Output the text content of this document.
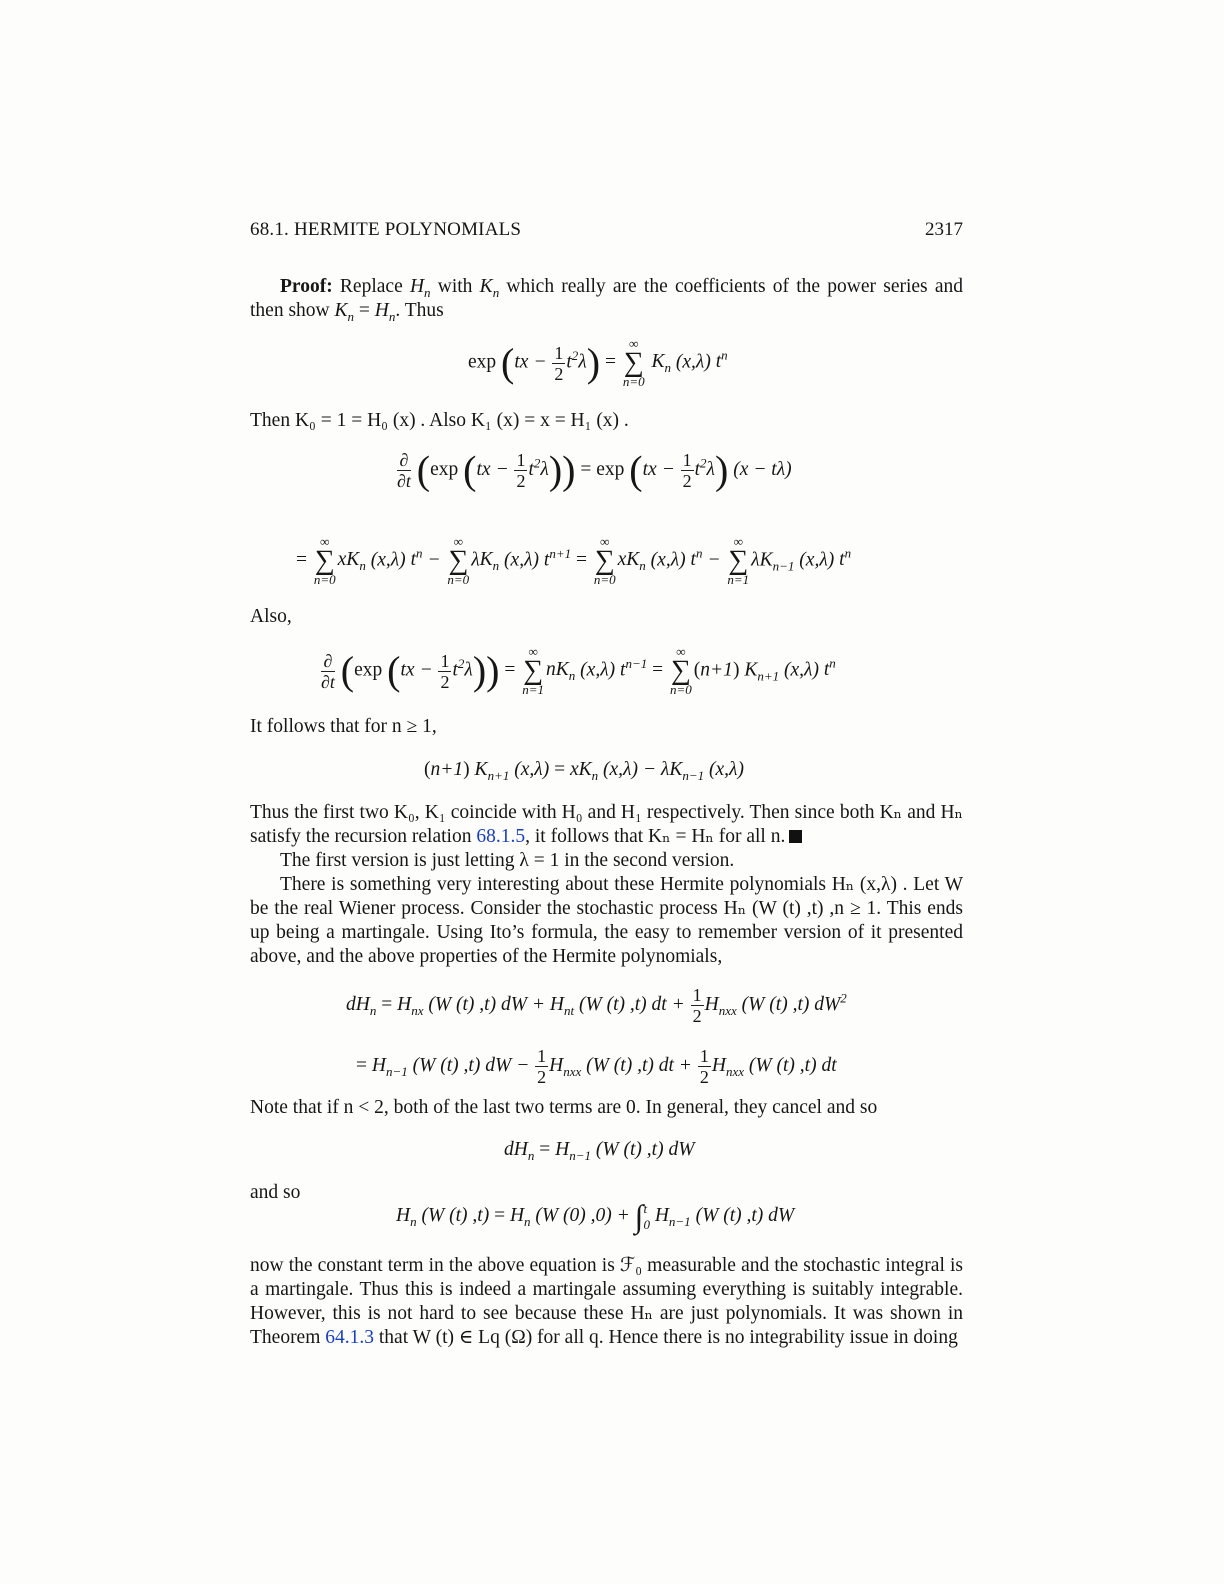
68.1. HERMITE POLYNOMIALS	2317
Proof: Replace $H_n$ with $K_n$ which really are the coefficients of the power series and then show $K_n = H_n$. Thus
$\exp (tx - \frac{1}{2} t^2\lambda)$ =
∞
∑
n=0
$K_n$ (x,λ) $t^n$
Then K₀ = 1 = H₀ (x) . Also K₁ (x) = x = H₁ (x) .
$\frac{\partial}{\partial t} (\exp$ $(tx - \frac{1}{2} t^2\lambda)) = \exp (tx - \frac{1}{2} t^2\lambda)$ (x − tλ)
=
∞
∑
n=0
$xK_n$ (x,λ) $t^n$ −
∞
∑
n=0
$\lambda K_n$ (x,λ) $t^{n+1}$ =
∞
∑
n=0
$xK_n$ (x,λ) $t^n$ −
∞
∑
n=1
$\lambda K_{n-1}$ (x,λ) $t^n$
Also,
$\frac{\partial}{\partial t} (\exp$ $(tx - \frac{1}{2} t^2\lambda)$) =
∞
∑
n=1
$nK_n$ (x,λ) $t^{n-1}$ =
∞
∑
n=0
(n+1) $K_{n+1}$ (x,λ) $t^n$
It follows that for n ≥ 1,
(n+1) $K_{n+1}$ $(x,\lambda) = xK_n$ $(x,\lambda) - \lambda K_{n-1}$ (x,λ)
Thus the first two K₀, K₁ coincide with H₀ and H₁ respectively. Then since both Kₙ and Hₙ satisfy the recursion relation 68.1.5, it follows that Kₙ = Hₙ for all n.
The first version is just letting λ = 1 in the second version.
There is something very interesting about these Hermite polynomials Hₙ (x,λ) . Let W be the real Wiener process. Consider the stochastic process Hₙ (W (t) ,t) ,n ≥ 1. This ends up being a martingale. Using Ito’s formula, the easy to remember version of it presented above, and the above properties of the Hermite polynomials,
$dH_n = H_{nx}$ (W (t) ,t) dW + $H_{nt}$ (W (t) ,t) dt + $\frac{1}{2} H_{nxx}$ (W (t) ,t) $dW^2$
= $H_{n-1}$ (W (t) ,t) dW − $\frac{1}{2} H_{nxx}$ (W (t) ,t) dt + $\frac{1}{2} H_{nxx}$ (W (t) ,t) dt
Note that if n < 2, both of the last two terms are 0. In general, they cancel and so
$dH_n = H_{n-1}$ (W (t) ,t) dW
and so
$H_n$ (W (t) $,t) = H_n$ (W (0) ,0) + ∫t
0 $H_{n-1}$ (W (t) ,t) dW
now the constant term in the above equation is ℱ₀ measurable and the stochastic integral is a martingale. Thus this is indeed a martingale assuming everything is suitably integrable. However, this is not hard to see because these Hₙ are just polynomials. It was shown in Theorem 64.1.3 that W (t) ∈ Lq (Ω) for all q. Hence there is no integrability issue in doing
